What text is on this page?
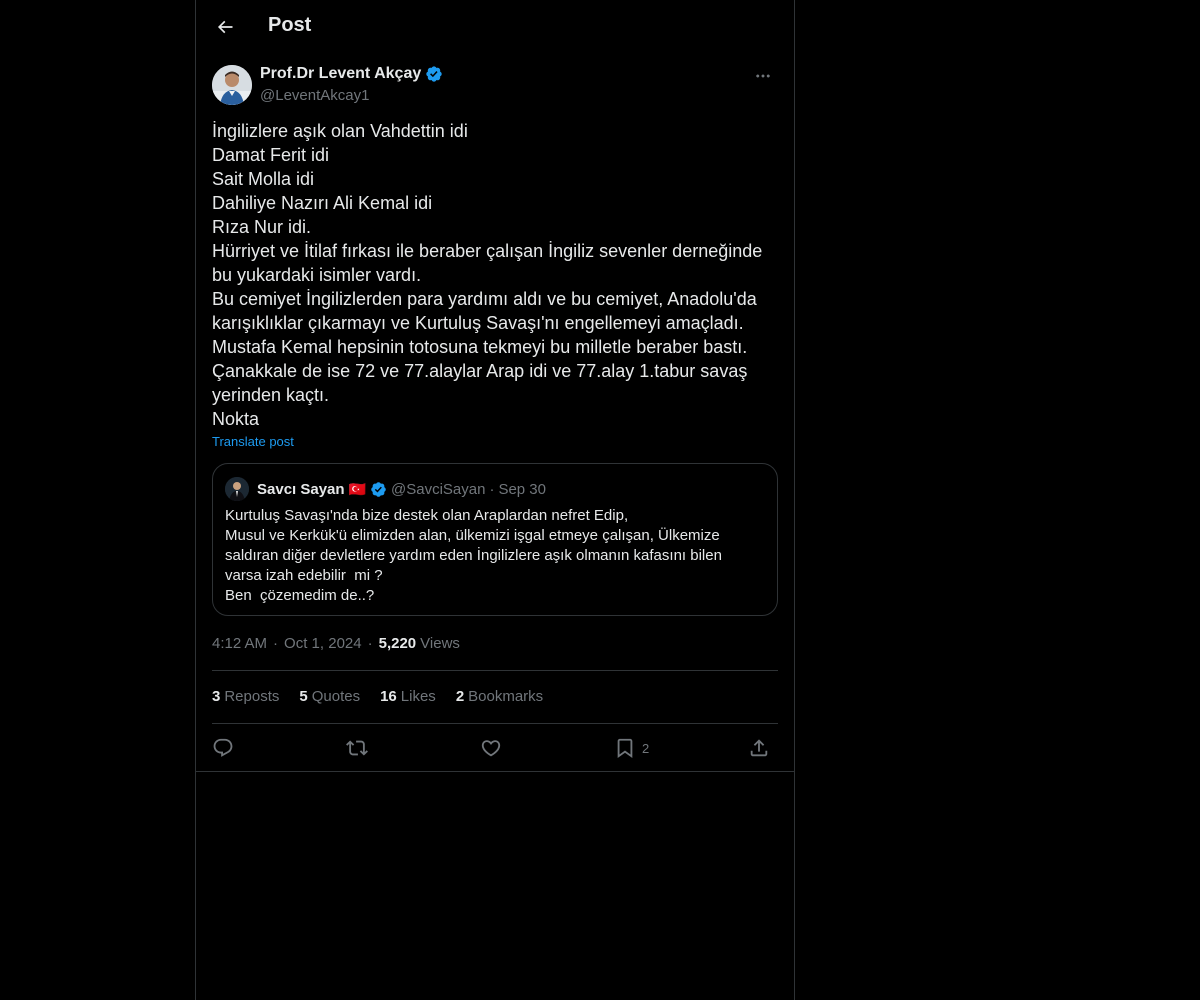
Post
Prof.Dr Levent Akçay
@LeventAkcay1
İngilizlere aşık olan Vahdettin idi
Damat Ferit idi
Sait Molla idi
Dahiliye Nazırı Ali Kemal idi
Rıza Nur idi.
Hürriyet ve İtilaf fırkası ile beraber çalışan İngiliz sevenler derneğinde
bu yukardaki isimler vardı.
Bu cemiyet İngilizlerden para yardımı aldı ve bu cemiyet, Anadolu'da
karışıklıklar çıkarmayı ve Kurtuluş Savaşı'nı engellemeyi amaçladı.
Mustafa Kemal hepsinin totosuna tekmeyi bu milletle beraber bastı.
Çanakkale de ise 72 ve 77.alaylar Arap idi ve 77.alay 1.tabur savaş
yerinden kaçtı.
Nokta
Translate post
Savcı Sayan 🇹🇷 @SavciSayan · Sep 30
Kurtuluş Savaşı'nda bize destek olan Araplardan nefret Edip,
Musul ve Kerkük'ü elimizden alan, ülkemizi işgal etmeye çalışan, Ülkemize
saldıran diğer devletlere yardım eden İngilizlere aşık olmanın kafasını bilen
varsa izah edebilir  mi ?
Ben  çözemedim de..?
4:12 AM · Oct 1, 2024 · 5,220 Views
3 Reposts 5 Quotes 16 Likes 2 Bookmarks
2
